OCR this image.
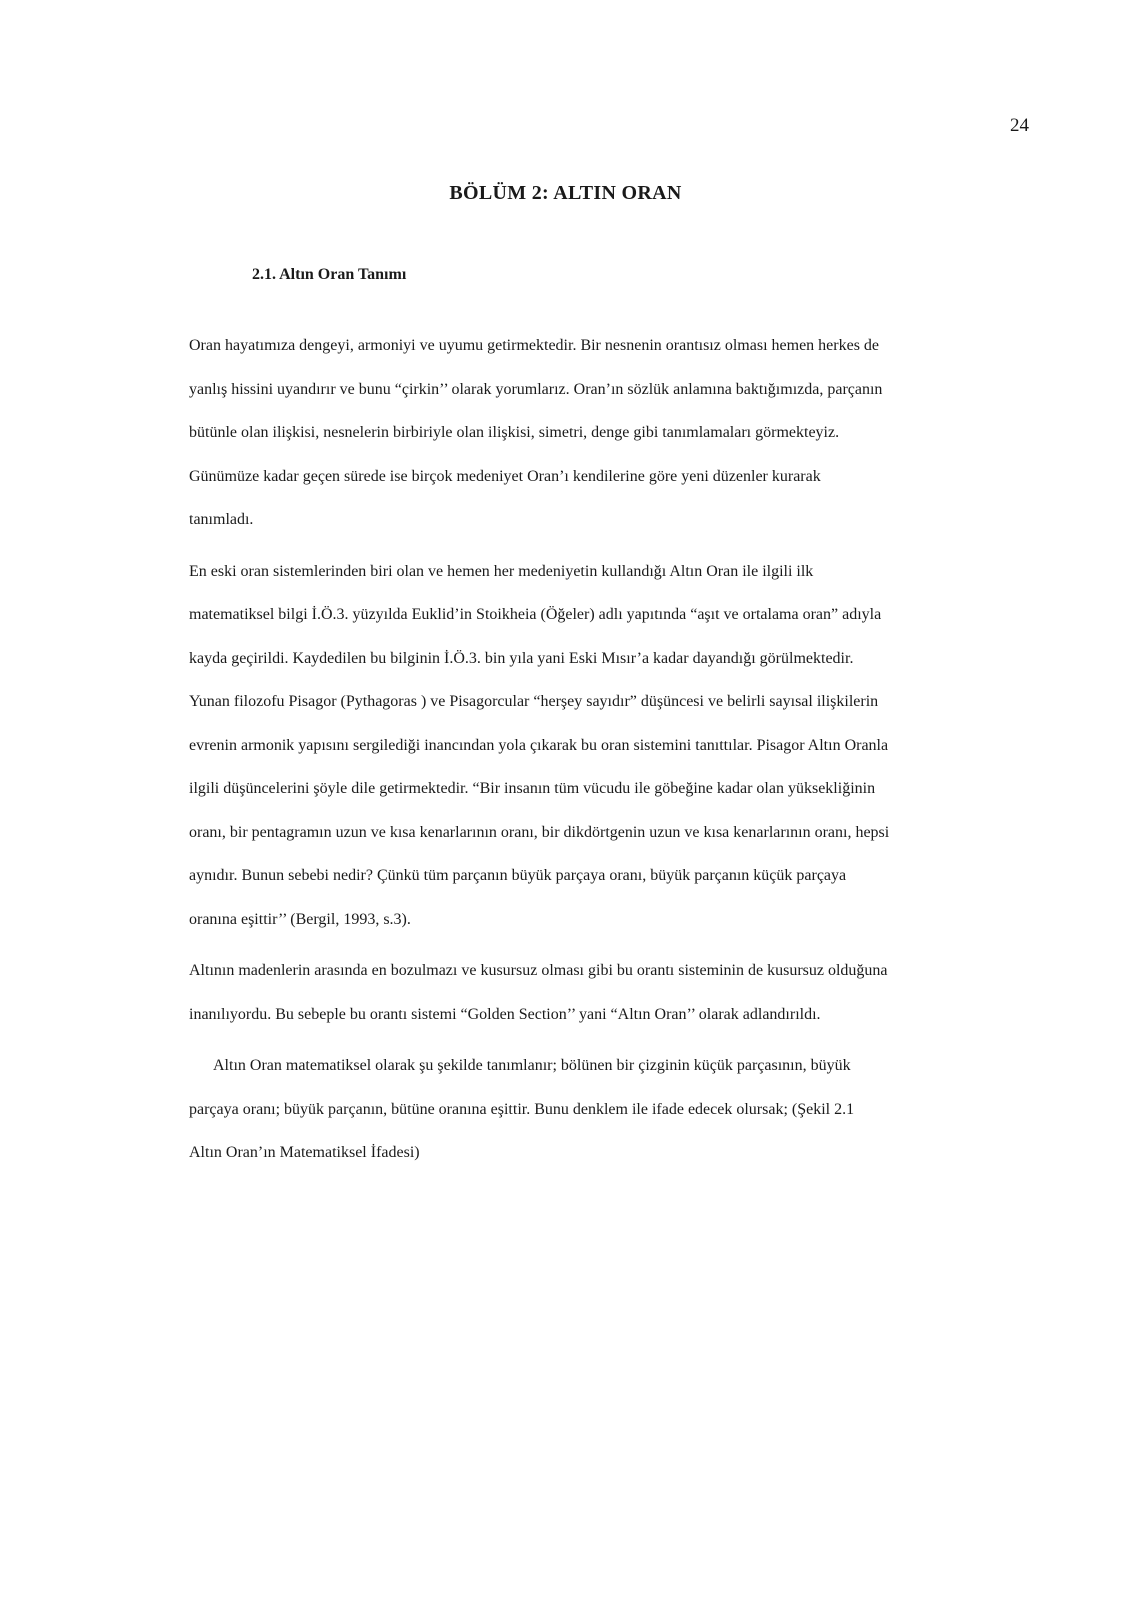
24
BÖLÜM 2: ALTIN ORAN
2.1. Altın Oran Tanımı

Oran hayatımıza dengeyi, armoniyi ve uyumu getirmektedir. Bir nesnenin orantısız olması hemen herkes de
yanlış hissini uyandırır ve bunu “çirkin’’ olarak yorumlarız. Oran’ın sözlük anlamına baktığımızda, parçanın
bütünle olan ilişkisi, nesnelerin birbiriyle olan ilişkisi, simetri, denge gibi tanımlamaları görmekteyiz.
Günümüze kadar geçen sürede ise birçok medeniyet Oran’ı kendilerine göre yeni düzenler kurarak
tanımladı.

En eski oran sistemlerinden biri olan ve hemen her medeniyetin kullandığı Altın Oran ile ilgili ilk
matematiksel bilgi İ.Ö.3. yüzyılda Euklid’in Stoikheia (Öğeler) adlı yapıtında “aşıt ve ortalama oran” adıyla
kayda geçirildi. Kaydedilen bu bilginin İ.Ö.3. bin yıla yani Eski Mısır’a kadar dayandığı görülmektedir.
Yunan filozofu Pisagor (Pythagoras ) ve Pisagorcular “herşey sayıdır” düşüncesi ve belirli sayısal ilişkilerin
evrenin armonik yapısını sergilediği inancından yola çıkarak bu oran sistemini tanıttılar. Pisagor Altın Oranla
ilgili düşüncelerini şöyle dile getirmektedir. “Bir insanın tüm vücudu ile göbeğine kadar olan yüksekliğinin
oranı, bir pentagramın uzun ve kısa kenarlarının oranı, bir dikdörtgenin uzun ve kısa kenarlarının oranı, hepsi
aynıdır. Bunun sebebi nedir? Çünkü tüm parçanın büyük parçaya oranı, büyük parçanın küçük parçaya
oranına eşittir’’ (Bergil, 1993, s.3).

Altının madenlerin arasında en bozulmazı ve kusursuz olması gibi bu orantı sisteminin de kusursuz olduğuna
inanılıyordu. Bu sebeple bu orantı sistemi “Golden Section’’ yani “Altın Oran’’ olarak adlandırıldı.

Altın Oran matematiksel olarak şu şekilde tanımlanır; bölünen bir çizginin küçük parçasının, büyük
parçaya oranı; büyük parçanın, bütüne oranına eşittir. Bunu denklem ile ifade edecek olursak; (Şekil 2.1
Altın Oran’ın Matematiksel İfadesi)
